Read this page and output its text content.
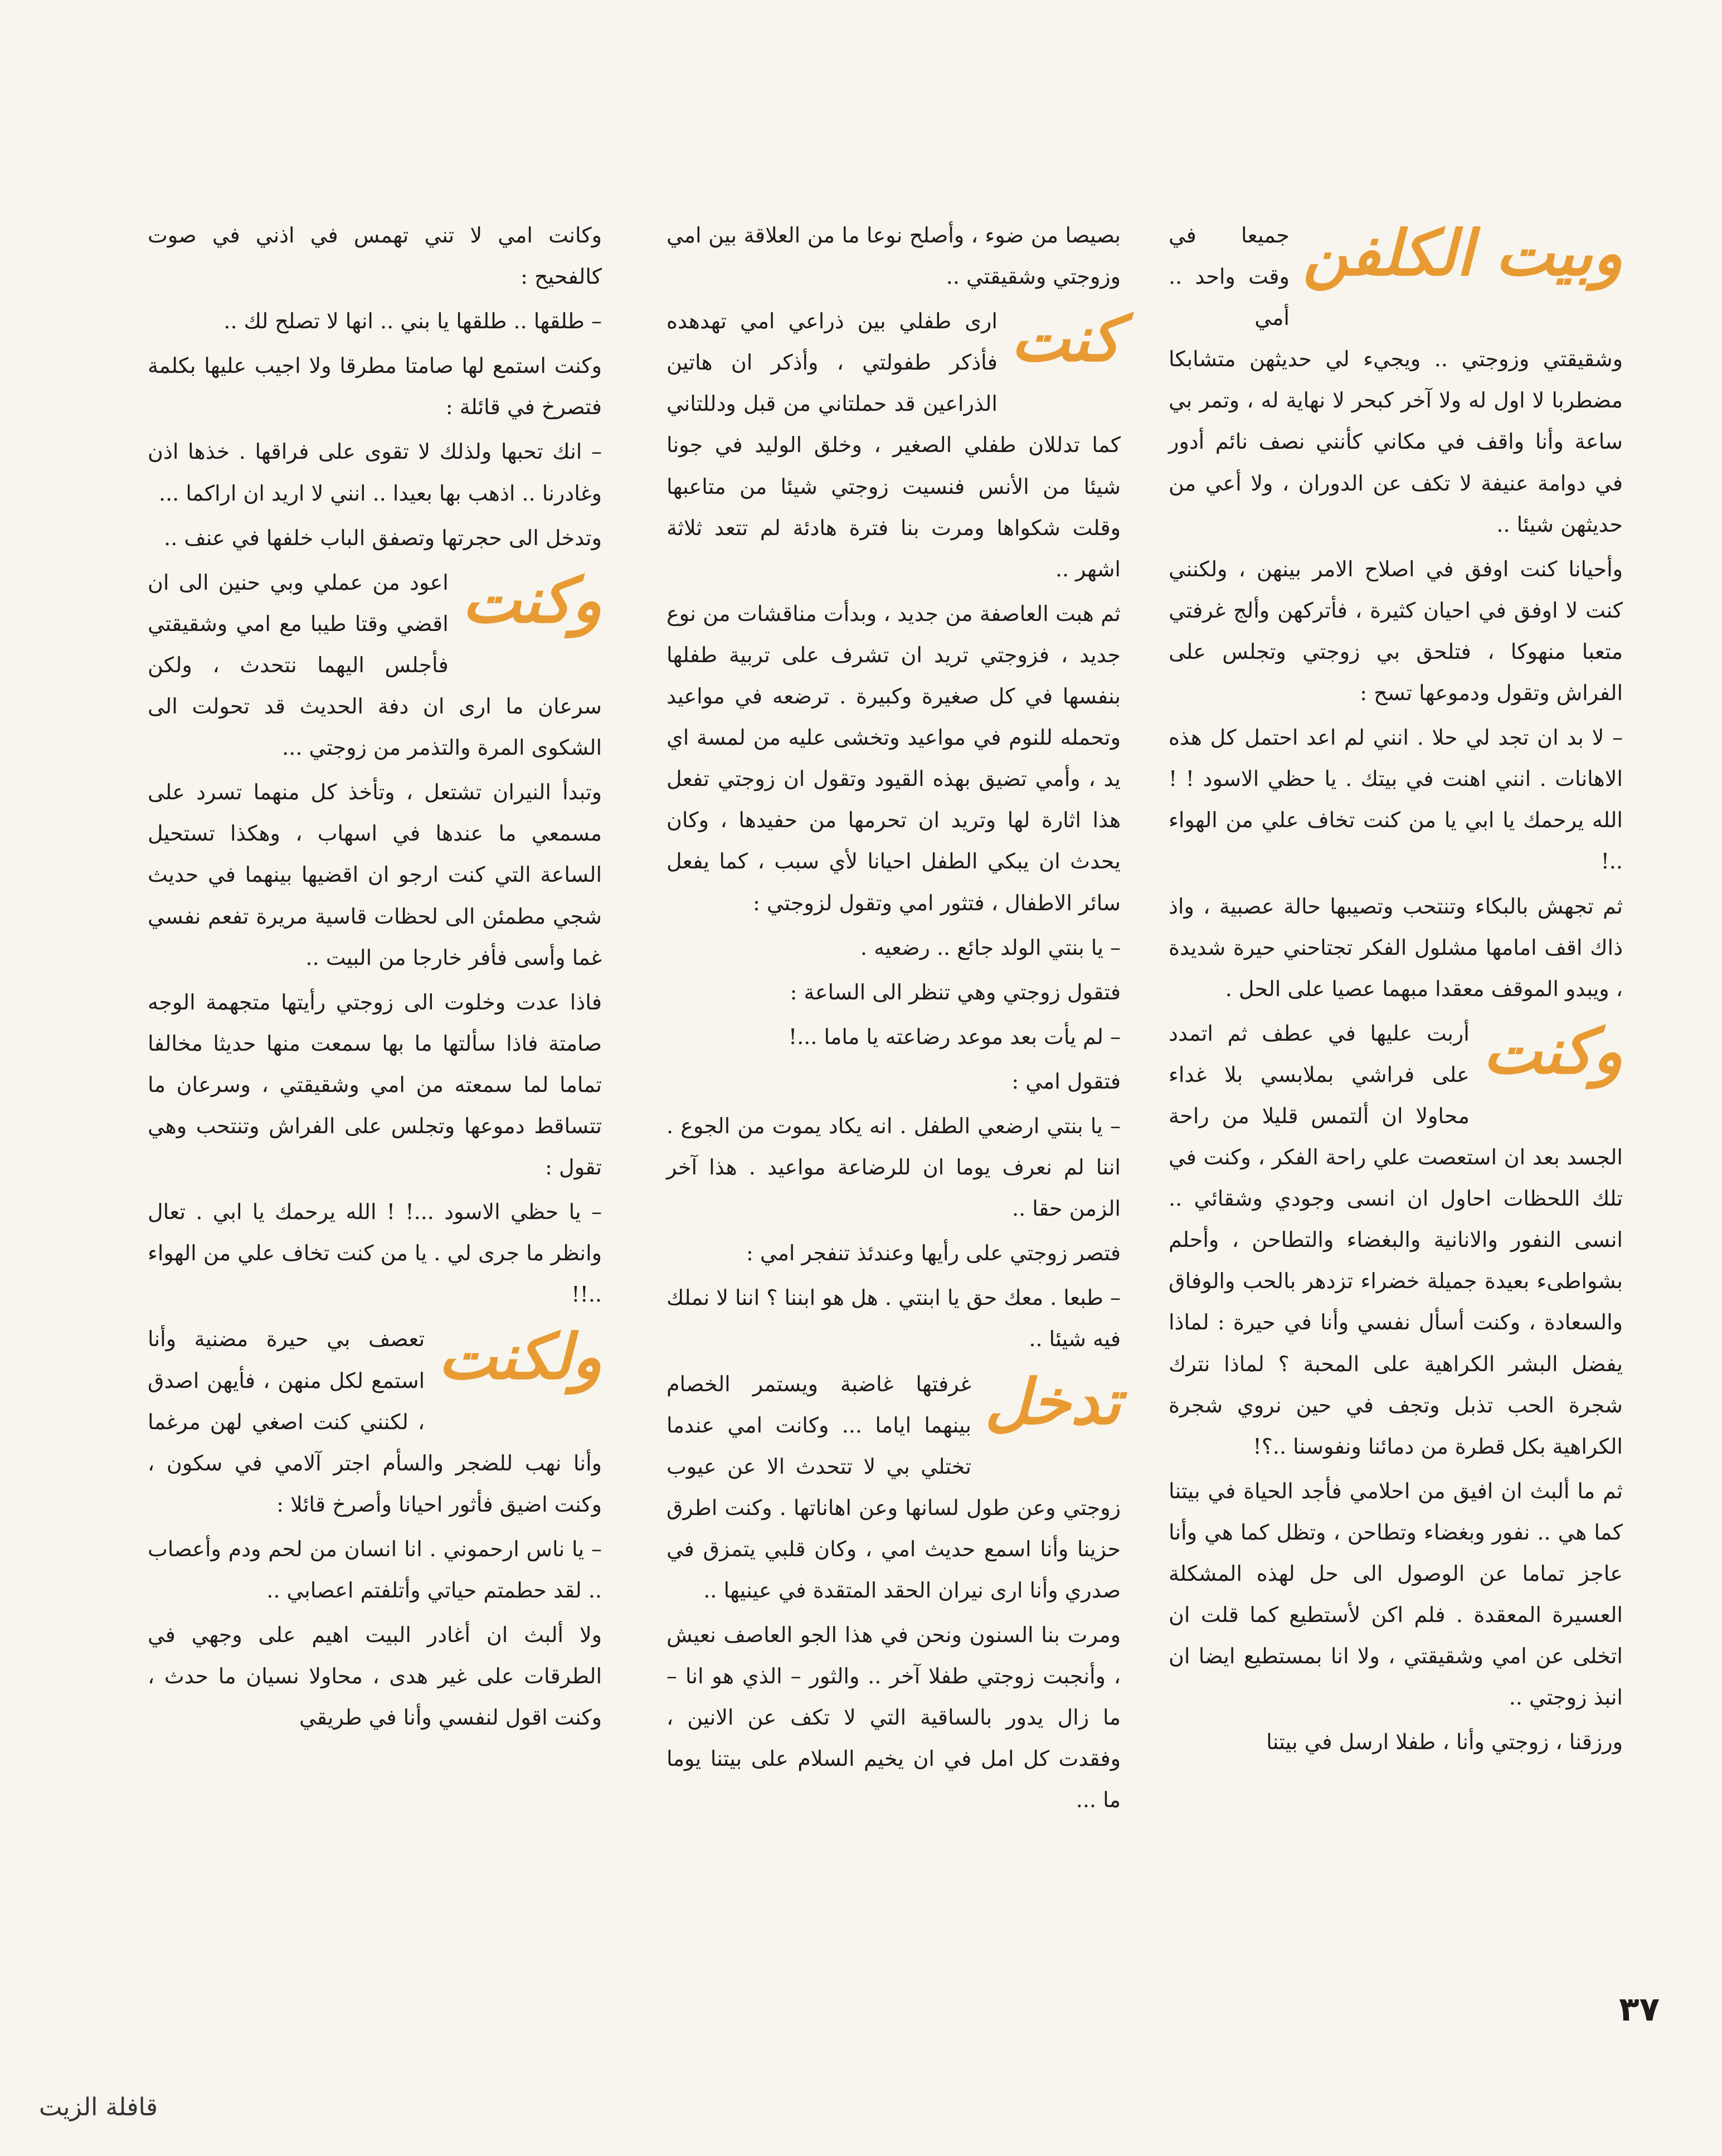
وبيت الكلفن

جميعا في وقت واحد .. أمي وشقيقتي وزوجتي .. ويجيء لي حديثهن متشابكا مضطربا لا اول له ولا آخر كبحر لا نهاية له ، وتمر بي ساعة وأنا واقف في مكاني كأنني نصف نائم أدور في دوامة عنيفة لا تكف عن الدوران ، ولا أعي من حديثهن شيئا ..

وأحيانا كنت اوفق في اصلاح الامر بينهن ، ولكنني كنت لا اوفق في احيان كثيرة ، فأتركهن وألج غرفتي متعبا منهوكا ، فتلحق بي زوجتي وتجلس على الفراش وتقول ودموعها تسح :

– لا بد ان تجد لي حلا . انني لم اعد احتمل كل هذه الاهانات . انني اهنت في بيتك . يا حظي الاسود ! ! الله يرحمك يا ابي يا من كنت تخاف علي من الهواء ..!

ثم تجهش بالبكاء وتنتحب وتصيبها حالة عصبية ، واذ ذاك اقف امامها مشلول الفكر تجتاحني حيرة شديدة ، ويبدو الموقف معقدا مبهما عصيا على الحل .

وكنت

أربت عليها في عطف ثم اتمدد على فراشي بملابسي بلا غداء محاولا ان ألتمس قليلا من راحة الجسد بعد ان استعصت علي راحة الفكر ، وكنت في تلك اللحظات احاول ان انسى وجودي وشقائي .. انسى النفور والانانية والبغضاء والتطاحن ، وأحلم بشواطىء بعيدة جميلة خضراء تزدهر بالحب والوفاق والسعادة ، وكنت أسأل نفسي وأنا في حيرة : لماذا يفضل البشر الكراهية على المحبة ؟ لماذا نترك شجرة الحب تذبل وتجف في حين نروي شجرة الكراهية بكل قطرة من دمائنا ونفوسنا ..؟!

ثم ما ألبث ان افيق من احلامي فأجد الحياة في بيتنا كما هي .. نفور وبغضاء وتطاحن ، وتظل كما هي وأنا عاجز تماما عن الوصول الى حل لهذه المشكلة العسيرة المعقدة . فلم اكن لأستطيع كما قلت ان اتخلى عن امي وشقيقتي ، ولا انا بمستطيع ايضا ان انبذ زوجتي ..

ورزقنا ، زوجتي وأنا ، طفلا ارسل في بيتنا

بصيصا من ضوء ، وأصلح نوعا ما من العلاقة بين امي وزوجتي وشقيقتي ..

كنت

ارى طفلي بين ذراعي امي تهدهده فأذكر طفولتي ، وأذكر ان هاتين الذراعين قد حملتاني من قبل ودللتاني كما تدللان طفلي الصغير ، وخلق الوليد في جونا شيئا من الأنس فنسيت زوجتي شيئا من متاعبها وقلت شكواها ومرت بنا فترة هادئة لم تتعد ثلاثة اشهر ..

ثم هبت العاصفة من جديد ، وبدأت مناقشات من نوع جديد ، فزوجتي تريد ان تشرف على تربية طفلها بنفسها في كل صغيرة وكبيرة . ترضعه في مواعيد وتحمله للنوم في مواعيد وتخشى عليه من لمسة اي يد ، وأمي تضيق بهذه القيود وتقول ان زوجتي تفعل هذا اثارة لها وتريد ان تحرمها من حفيدها ، وكان يحدث ان يبكي الطفل احيانا لأي سبب ، كما يفعل سائر الاطفال ، فتثور امي وتقول لزوجتي :

– يا بنتي الولد جائع .. رضعيه .

فتقول زوجتي وهي تنظر الى الساعة :

– لم يأت بعد موعد رضاعته يا ماما ...!

فتقول امي :

– يا بنتي ارضعي الطفل . انه يكاد يموت من الجوع . اننا لم نعرف يوما ان للرضاعة مواعيد . هذا آخر الزمن حقا ..

فتصر زوجتي على رأيها وعندئذ تنفجر امي :

– طبعا . معك حق يا ابنتي . هل هو ابننا ؟ اننا لا نملك فيه شيئا ..

تدخل

غرفتها غاضبة ويستمر الخصام بينهما اياما ... وكانت امي عندما تختلي بي لا تتحدث الا عن عيوب زوجتي وعن طول لسانها وعن اهاناتها . وكنت اطرق حزينا وأنا اسمع حديث امي ، وكان قلبي يتمزق في صدري وأنا ارى نيران الحقد المتقدة في عينيها ..

ومرت بنا السنون ونحن في هذا الجو العاصف نعيش ، وأنجبت زوجتي طفلا آخر .. والثور – الذي هو انا – ما زال يدور بالساقية التي لا تكف عن الانين ، وفقدت كل امل في ان يخيم السلام على بيتنا يوما ما ...

وكانت امي لا تني تهمس في اذني في صوت كالفحيح :

– طلقها .. طلقها يا بني .. انها لا تصلح لك ..

وكنت استمع لها صامتا مطرقا ولا اجيب عليها بكلمة فتصرخ في قائلة :

– انك تحبها ولذلك لا تقوى على فراقها . خذها اذن وغادرنا .. اذهب بها بعيدا .. انني لا اريد ان اراكما ...

وتدخل الى حجرتها وتصفق الباب خلفها في عنف ..

وكنت

اعود من عملي وبي حنين الى ان اقضي وقتا طيبا مع امي وشقيقتي فأجلس اليهما نتحدث ، ولكن سرعان ما ارى ان دفة الحديث قد تحولت الى الشكوى المرة والتذمر من زوجتي ...

وتبدأ النيران تشتعل ، وتأخذ كل منهما تسرد على مسمعي ما عندها في اسهاب ، وهكذا تستحيل الساعة التي كنت ارجو ان اقضيها بينهما في حديث شجي مطمئن الى لحظات قاسية مريرة تفعم نفسي غما وأسى فأفر خارجا من البيت ..

فاذا عدت وخلوت الى زوجتي رأيتها متجهمة الوجه صامتة فاذا سألتها ما بها سمعت منها حديثا مخالفا تماما لما سمعته من امي وشقيقتي ، وسرعان ما تتساقط دموعها وتجلس على الفراش وتنتحب وهي تقول :

– يا حظي الاسود ...! ! الله يرحمك يا ابي . تعال وانظر ما جرى لي . يا من كنت تخاف علي من الهواء ..!!

ولكنت

تعصف بي حيرة مضنية وأنا استمع لكل منهن ، فأيهن اصدق ، لكنني كنت اصغي لهن مرغما وأنا نهب للضجر والسأم اجتر آلامي في سكون ، وكنت اضيق فأثور احيانا وأصرخ قائلا :

– يا ناس ارحموني . انا انسان من لحم ودم وأعصاب .. لقد حطمتم حياتي وأتلفتم اعصابي ..

ولا ألبث ان أغادر البيت اهيم على وجهي في الطرقات على غير هدى ، محاولا نسيان ما حدث ، وكنت اقول لنفسي وأنا في طريقي

٣٧
قافلة الزيت
